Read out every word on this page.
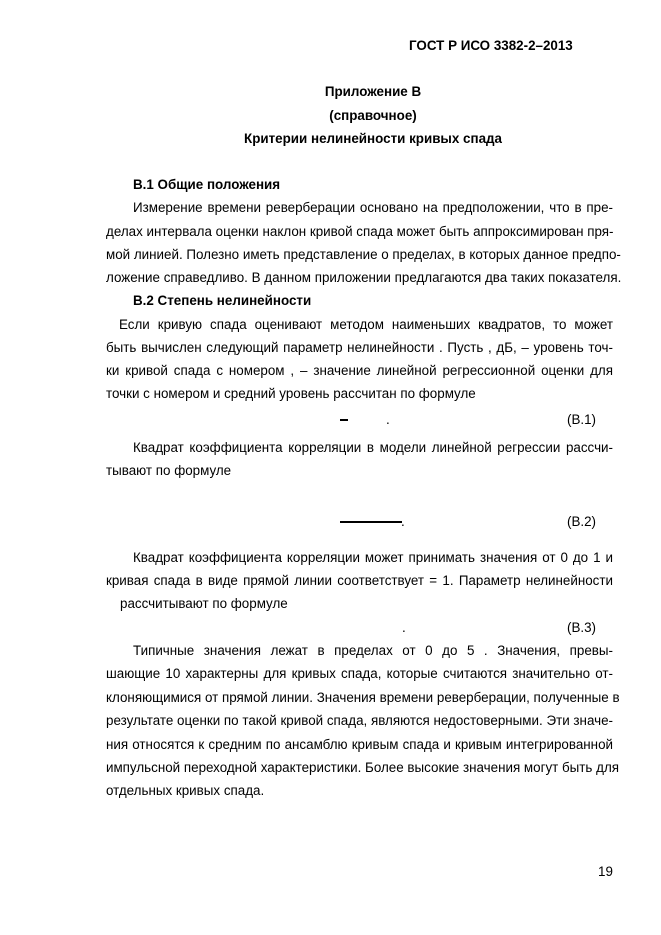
ГОСТ Р ИСО 3382-2–2013
Приложение В
(справочное)
Критерии нелинейности кривых спада
В.1 Общие положения
Измерение времени реверберации основано на предположении, что в пре-
делах интервала оценки наклон кривой спада может быть аппроксимирован пря-
мой линией. Полезно иметь представление о пределах, в которых данное предпо-
ложение справедливо. В данном приложении предлагаются два таких показателя.
В.2 Степень нелинейности
Если кривую спада оценивают методом наименьших квадратов, то может
быть вычислен следующий параметр нелинейности . Пусть , дБ, – уровень точ-
ки кривой спада с номером , – значение линейной регрессионной оценки для
точки с номером и средний уровень рассчитан по формуле
.	(B.1)
Квадрат коэффициента корреляции в модели линейной регрессии рассчи-
тывают по формуле
.	(B.2)
Квадрат коэффициента корреляции может принимать значения от 0 до 1 и
кривая спада в виде прямой линии соответствует = 1. Параметр нелинейности
рассчитывают по формуле
.	(B.3)
Типичные значения лежат в пределах от 0 до 5 . Значения, превы-
шающие 10 характерны для кривых спада, которые считаются значительно от-
клоняющимися от прямой линии. Значения времени реверберации, полученные в
результате оценки по такой кривой спада, являются недостоверными. Эти значе-
ния относятся к средним по ансамблю кривым спада и кривым интегрированной
импульсной переходной характеристики. Более высокие значения могут быть для
отдельных кривых спада.
19
